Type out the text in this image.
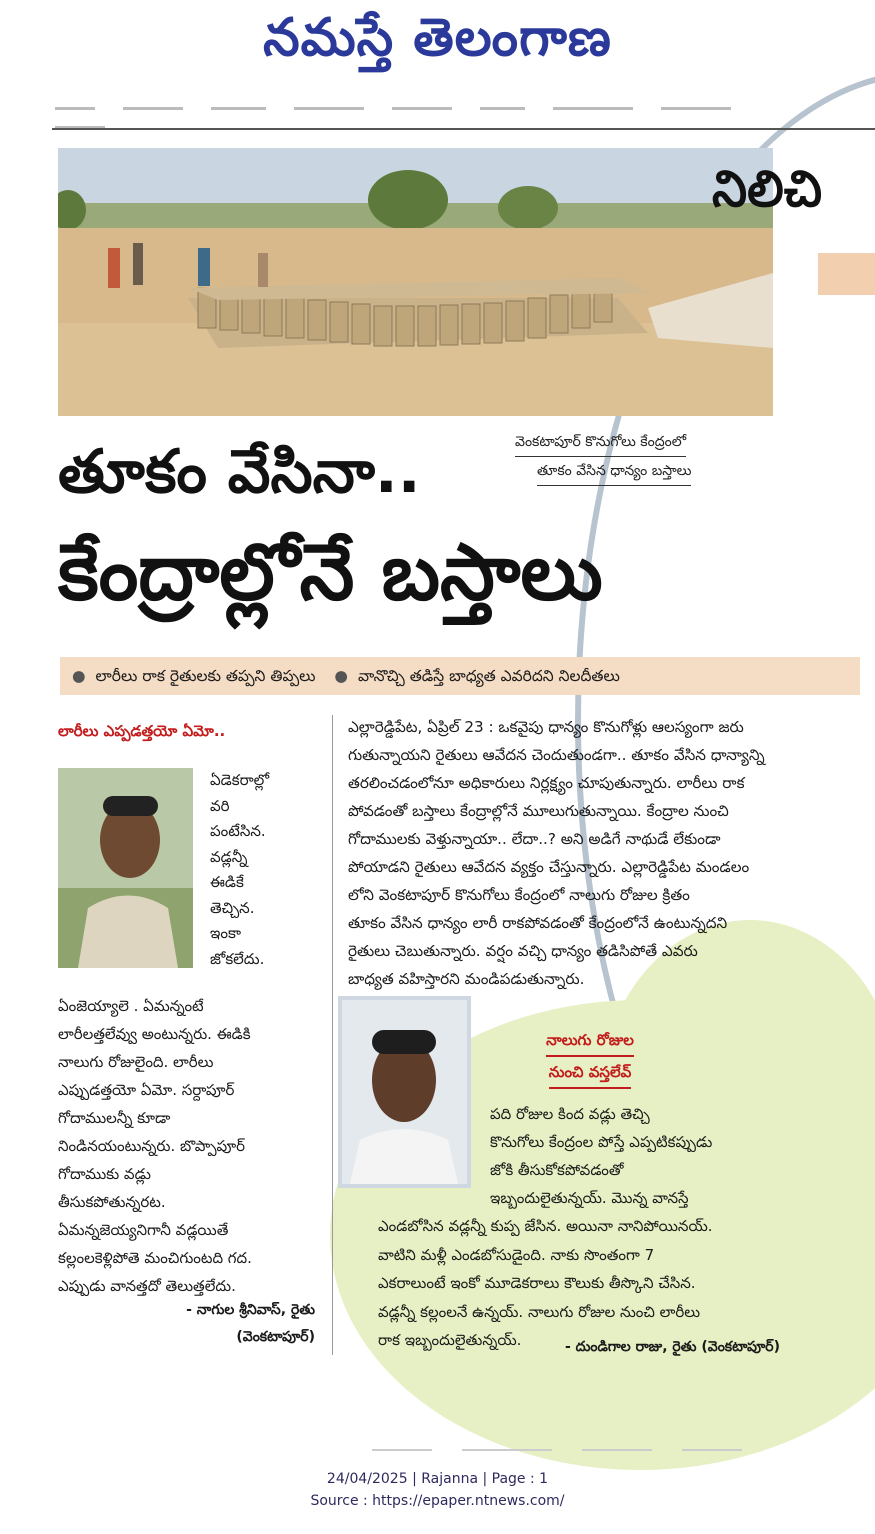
నమస్తే తెలంగాణ
నిలిచి
వెంకటాపూర్ కొనుగోలు కేంద్రంలో
తూకం వేసిన ధాన్యం బస్తాలు
తూకం వేసినా..
కేంద్రాల్లోనే బస్తాలు
● లారీలు రాక రైతులకు తప్పని తిప్పలు ● వానొచ్చి తడిస్తే బాధ్యత ఎవరిదని నిలదీతలు
లారీలు ఎప్పడత్తయో ఏమో..
ఏడెకరాల్లో
వరి
పంటేసిన.
వడ్లన్నీ
ఈడికే
తెచ్చిన.
ఇంకా
జోకలేదు.
ఏంజెయ్యాలె . ఏమన్నంటే
లారీలత్తలేవ్వు అంటున్నరు. ఈడికి
నాలుగు రోజులైంది. లారీలు
ఎప్పుడత్తయో ఏమో. సర్దాపూర్
గోదాములన్నీ కూడా
నిండినయంటున్నరు. బొప్పాపూర్
గోదాముకు వడ్లు
తీసుకపోతున్నరట.
ఏమన్నజెయ్యనిగానీ వడ్లయితే
కల్లంలకెళ్లిపోతె మంచిగుంటది గద.
ఎప్పుడు వానత్తదో తెలుత్తలేదు.
- నాగుల శ్రీనివాస్, రైతు
(వెంకటాపూర్)
ఎల్లారెడ్డిపేట, ఏప్రిల్ 23 : ఒకవైపు ధాన్యం కొనుగోళ్లు ఆలస్యంగా జరు
గుతున్నాయని రైతులు ఆవేదన చెందుతుండగా.. తూకం వేసిన ధాన్యాన్ని
తరలించడంలోనూ అధికారులు నిర్లక్ష్యం చూపుతున్నారు. లారీలు రాక
పోవడంతో బస్తాలు కేంద్రాల్లోనే మూలుగుతున్నాయి. కేంద్రాల నుంచి
గోదాములకు వెళ్తున్నాయా.. లేదా..? అని అడిగే నాథుడే లేకుండా
పోయాడని రైతులు ఆవేదన వ్యక్తం చేస్తున్నారు. ఎల్లారెడ్డిపేట మండలం
లోని వెంకటాపూర్ కొనుగోలు కేంద్రంలో నాలుగు రోజుల క్రితం
తూకం వేసిన ధాన్యం లారీ రాకపోవడంతో కేంద్రంలోనే ఉంటున్నదని
రైతులు చెబుతున్నారు. వర్షం వచ్చి ధాన్యం తడిసిపోతే ఎవరు
బాధ్యత వహిస్తారని మండిపడుతున్నారు.
నాలుగు రోజుల
నుంచి వస్తలేవ్
పది రోజుల కింద వడ్లు తెచ్చి
కొనుగోలు కేంద్రంల పోస్తే ఎప్పటికప్పుడు
జోకి తీసుకోకపోవడంతో
ఇబ్బందులైతున్నయ్. మొన్న వానస్తే
ఎండబోసిన వడ్లన్నీ కుప్ప జేసిన. అయినా నానిపోయినయ్.
వాటిని మళ్లీ ఎండబోసుడైంది. నాకు సొంతంగా 7
ఎకరాలుంటే ఇంకో మూడెకరాలు కౌలుకు తీస్కొని చేసిన.
వడ్లన్నీ కల్లంలనే ఉన్నయ్. నాలుగు రోజుల నుంచి లారీలు
రాక ఇబ్బందులైతున్నయ్.	- దుండిగాల రాజు, రైతు (వెంకటాపూర్)
24/04/2025 | Rajanna | Page : 1
Source : https://epaper.ntnews.com/
